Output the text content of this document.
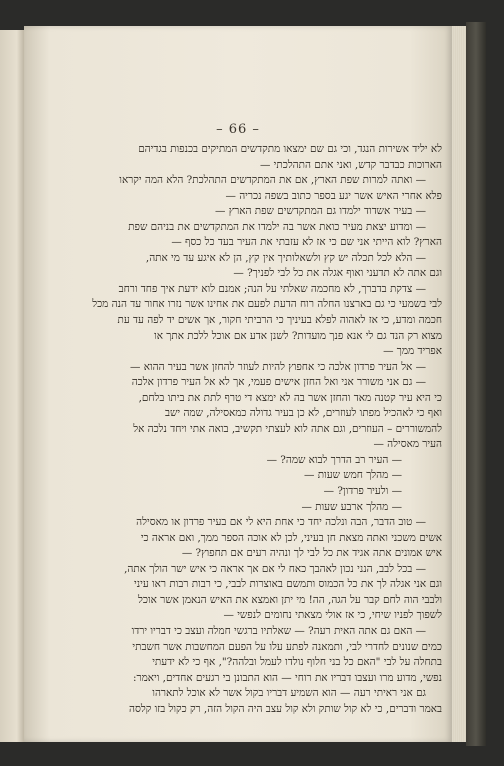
– 66 –

לא יליד אשירות הנגד, וכי גם שם ימצאו מתקדשים המתיקים בכנפות בגדיהם

הארוכות כבדבר קדש, ואני אתם התהלכתי —

— ואתה למרות שפת הארץ, אם את המתקדשים התהלכת? הלא המה יקראו

פלא אחרי האיש אשר יגע בספר כתוב בשפה נכריה —

— בעיר אשדוד ילמדו גם המתקדשים שפת הארץ —

— ומדוע יצאת מעיר כואת אשר בה ילמדו את המתקדשים את בניהם שפת

הארץ? לוא הייתי אני שם כי אז לא עזבתי את העיר בעד כל כסף —

— הלא לכל תכלה יש קץ ולשאלותיך אין קץ, הן לא איגע עד מי אתה,

וגם אתה לא תדעני ואוף אגלה את כל לבי לפניך? —

— צדקת בדברך, לא מחכמה שאלתי על הנה; אמנם לוא ידעת איך פחד ורחב

לבי בשמעי כי גם בארצנו החלה רוח הדעת לפעם את אחינו אשר נזרו אחור עד הנה מכל

חכמה ומדע, כי אז לאהוה לפלא בעיניך כי הרביתי חקור, אך אשים יד לפה עד עת

מצוא רק הנד גם לי אנא פנך מועדות? לשנן אדע אם אוכל ללכת אתך או

אפריד ממך —

— אל העיר פרדון אלכה כי אחפוץ להיות לעוזר להחזן אשר בעיר ההוא —

— גם אני משורר אני ואל החזן אישים פעמי, אך לא אל העיר פרדון אלכה

כי היא עיר קטנה מאד והחזן אשר בה לא ימצא די טרף לתת את ביתו בלחם,

ואף כי לאהכיל מפתו לעוזרים, לא כן בעיר גדולה כמאסילה, שמה ישב

להמשוררים – העוזרים, וגם אתה לוא לעצתי תקשיב, בואה אתי ויחד נלכה אל

העיר מאסילה —

— העיר רב הדרך לבוא שמה? —

— מהלך חמש שעות —

— ולעיר פרדון? —

— מהלך ארבע שעות —

— טוב הדבר, הבה ונלכה יחד כי אחת היא לי אם בעיר פרדון או מאסילה

אשים משכני ואתה מצאת חן בעיני, לכן לא אוכה הספר ממך, ואם אראה כי

איש אמונים אתה אגיד את כל לבי לך ונהיה רעים אם תחפוץ? —

— בכל לבב, הנני נכון לאהבך כאח לי אם אך אראה כי איש ישר הולך אתה,

וגם אני אגלה לך את כל הכמוס ותמשם באוצרות לבבי, כי רבות רבות ראו עיני

ולבבי הוה לחם קבר על הגה, הה! מי יתן ואמצא את האיש הנאמן אשר אוכל

לשפוך לפניו שיחי, כי אז אולי מצאתי נחומים לנפשי —

— האם גם אתה האית רעה? — שאלתיו ברגשי חמלה ועצב כי דבריו ירדו

כמים שנונים לחדרי לבי, ותמאנה לפתע עלו על הפעם המחשבות אשר חשבתי

בתחלה על לבי "האם כל בני חלוף נולדו לעמל ובלהה?", אף כי לא ידעתי

נפשי, מדוע מרו ועצבו דבריו את רוחי — הוא התבונן בי רגעים אחדים, ויאמר:

גם אני ראיתי רעה — הוא השמיע דבריו בקול אשר לא אוכל לתארהו

באמר ודברים, כי לא קול שותק ולא קול עצב היה הקול הזה, רק כקול בזו קלסה
